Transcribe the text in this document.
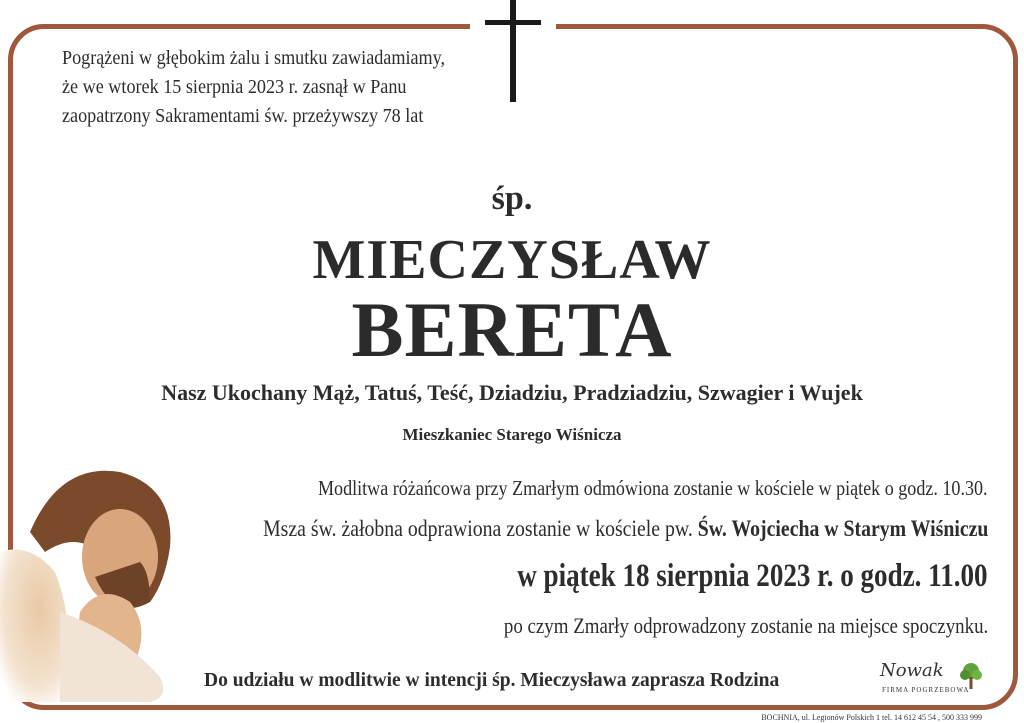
Pogrążeni w głębokim żalu i smutku zawiadamiamy,
że we wtorek 15 sierpnia 2023 r. zasnął w Panu
zaopatrzony Sakramentami św. przeżywszy 78 lat
śp.
MIECZYSŁAW
BERETA
Nasz Ukochany Mąż, Tatuś, Teść, Dziadziu, Pradziadziu, Szwagier i Wujek
Mieszkaniec Starego Wiśnicza
Modlitwa różańcowa przy Zmarłym odmówiona zostanie w kościele w piątek o godz. 10.30.
Msza św. żałobna odprawiona zostanie w kościele pw. Św. Wojciecha w Starym Wiśniczu
w piątek 18 sierpnia 2023 r. o godz. 11.00
po czym Zmarły odprowadzony zostanie na miejsce spoczynku.
Do udziału w modlitwie w intencji śp. Mieczysława zaprasza Rodzina	Nowak
FIRMA POGRZEBOWA
BOCHNIA, ul. Legionów Polskich 1 tel. 14 612 45 54 , 500 333 999
